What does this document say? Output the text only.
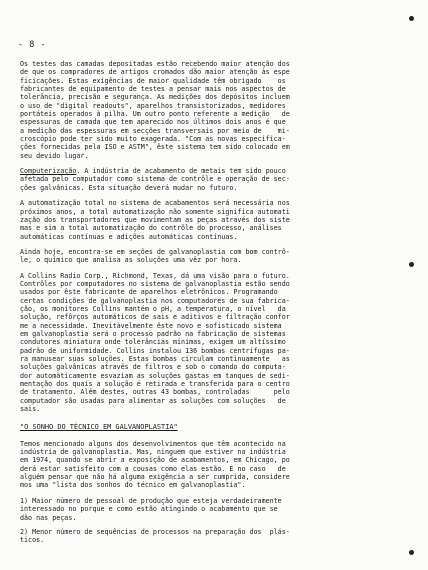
- 8 -
Os testes das camadas depositadas estão recebendo maior atenção dos
de que os compradores de artigos cromados dão maior atenção às espe
ficicações. Estas exigências de maior qualidade têm obrigado    os
fabricantes de equipamento de testes a pensar mais nos aspectos de
tolerância, precisão e segurança. As medições dos depósitos incluem
o uso de "digital readouts", aparelhos transistorizados, medidores
portáteis operados à pilha. Um outro ponto referente a medição   de
espessuras de camada que tem aparecido nos últimos dois anos é que
a medição das espessuras em secções transversais por meio de    mi-
croscópio pode ter sido muito exagerada. "Com as novas especifica-
ções fornecidas pela ISO e ASTM", êste sistema tem sido colocado em
seu devido lugar.
Computerização. A indústria de acabamento de metais tem sido pouco
afetada pelo computador como sistema de contrôle e operação de sec-
ções galvânicas. Esta situação deverá mudar no futuro.
A automatização total no sistema de acabamentos será necessária nos
próximos anos, a total automatização não somente significa automati
zação dos transportadores que movimentam as peças através dos siste
mas e sim a total automatização do contrôle do processo, análises
automáticas contínuas e adições automáticas contínuas.
Ainda hoje, encontra-se em seções de galvanoplastia com bom contrô-
le, o químico que analisa as soluções uma vêz por hora.
A Collins Radio Corp., Richmond, Texas, dá uma visão para o futuro.
Contrôles por computadores no sistema de galvanoplastia estão sendo
usados por êste fabricante de aparelhos eletrônicos. Programando
certas condições de galvanoplastia nos computadores de sua fabrica-
ção, os monitores Collins mantém o pH, a temperatura, o nível   da
solução, refôrços automáticos de sais e aditivos e filtração confor
me a necessidade. Inevitàvelmente êste novo e sofisticado sistema
em galvanoplastia será o processo padrão na fabricação de sistemas
condutores miniatura onde tolerâncias mínimas, exigem um altíssimo
padrão de uniformidade. Collins instalou 136 bombas centrífugas pa-
ra manusear suas soluções. Estas bombas circulam contìnuamente   as
soluções galvânicas através de filtros e sob o comando do computa-
dor automàticamente esvaziam as soluções gastas em tanques de sedi-
mentação dos quais a solução é retirada e transferida para o centro
de tratamento. Além destes, outras 43 bombas, controladas      pelo
computador são usadas para alimentar as soluções com soluções   de
sais.
"O SONHO DO TÉCNICO EM GALVANOPLASTIA"
Temos mencionado alguns dos desenvolvimentos que têm acontecido na
indústria de galvanoplastia. Mas, ninguem que estiver na indústria
em 1974, quando se abrir a exposição de acabamentos, em Chicago, po
derá estar satisfeito com a cousas como elas estão. E no caso   de
alguém pensar que não há alguma exigência a ser cumprida, considere
mos uma "lista dos sonhos do técnico em galvanoplastia".
1) Maior número de pessoal de produção que esteja verdadeiramente
interessado no porque e como estão atingindo o acabamento que se
dão nas peças.
2) Menor número de sequências de processos na preparação dos  plás-
ticos.
